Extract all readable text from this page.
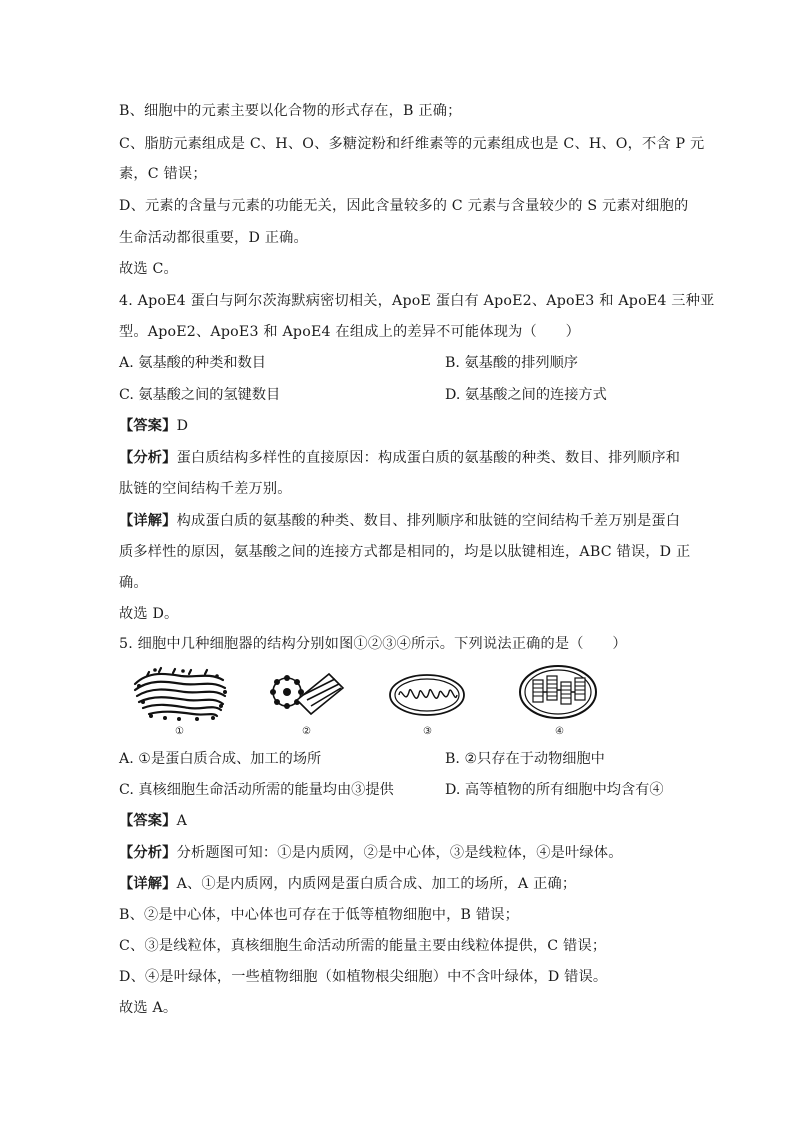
B、细胞中的元素主要以化合物的形式存在，B 正确；
C、脂肪元素组成是 C、H、O、多糖淀粉和纤维素等的元素组成也是 C、H、O，不含 P 元
素，C 错误；
D、元素的含量与元素的功能无关，因此含量较多的 C 元素与含量较少的 S 元素对细胞的
生命活动都很重要，D 正确。
故选 C。
4. ApoE4 蛋白与阿尔茨海默病密切相关，ApoE 蛋白有 ApoE2、ApoE3 和 ApoE4 三种亚
型。ApoE2、ApoE3 和 ApoE4 在组成上的差异不可能体现为（　　）
A. 氨基酸的种类和数目	B. 氨基酸的排列顺序
C. 氨基酸之间的氢键数目	D. 氨基酸之间的连接方式
【答案】D
【分析】蛋白质结构多样性的直接原因：构成蛋白质的氨基酸的种类、数目、排列顺序和
肽链的空间结构千差万别。
【详解】构成蛋白质的氨基酸的种类、数目、排列顺序和肽链的空间结构千差万别是蛋白
质多样性的原因，氨基酸之间的连接方式都是相同的，均是以肽键相连，ABC 错误，D 正
确。
故选 D。
5. 细胞中几种细胞器的结构分别如图①②③④所示。下列说法正确的是（　　）
①	②	③	④
A. ①是蛋白质合成、加工的场所	B. ②只存在于动物细胞中
C. 真核细胞生命活动所需的能量均由③提供	D. 高等植物的所有细胞中均含有④
【答案】A
【分析】分析题图可知：①是内质网，②是中心体，③是线粒体，④是叶绿体。
【详解】A、①是内质网，内质网是蛋白质合成、加工的场所，A 正确；
B、②是中心体，中心体也可存在于低等植物细胞中，B 错误；
C、③是线粒体，真核细胞生命活动所需的能量主要由线粒体提供，C 错误；
D、④是叶绿体，一些植物细胞（如植物根尖细胞）中不含叶绿体，D 错误。
故选 A。
